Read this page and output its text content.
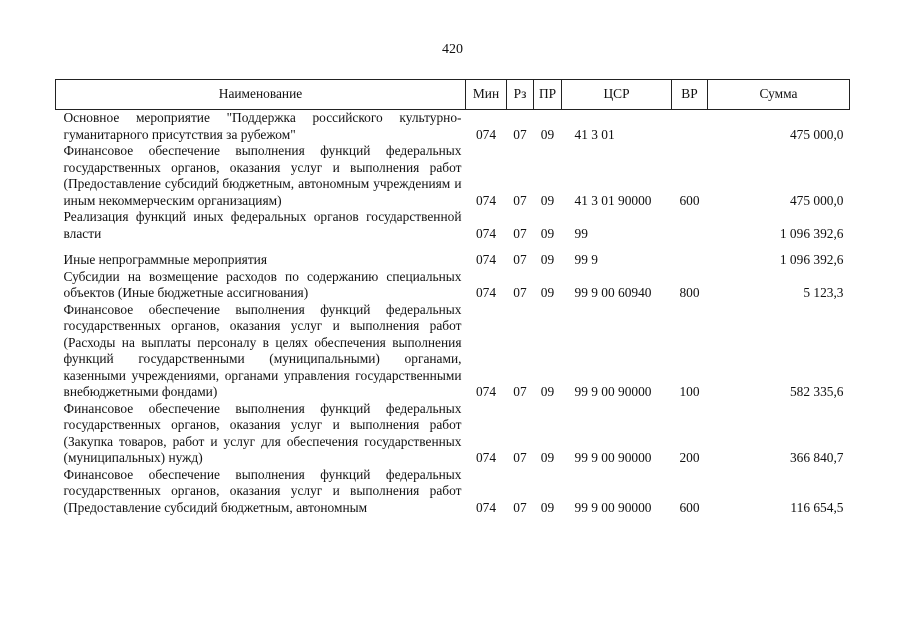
420
Наименование	Мин	Рз	ПР	ЦСР	ВР	Сумма
Основное мероприятие "Поддержка российского культурно-гуманитарного присутствия за рубежом"	074	07	09	41 3 01		475 000,0
Финансовое обеспечение выполнения функций федеральных государственных органов, оказания услуг и выполнения работ (Предоставление субсидий бюджетным, автономным учреждениям и иным некоммерческим организациям)	074	07	09	41 3 01 90000	600	475 000,0
Реализация функций иных федеральных органов государственной власти	074	07	09	99		1 096 392,6
Иные непрограммные мероприятия	074	07	09	99 9		1 096 392,6
Субсидии на возмещение расходов по содержанию специальных объектов (Иные бюджетные ассигнования)	074	07	09	99 9 00 60940	800	5 123,3
Финансовое обеспечение выполнения функций федеральных государственных органов, оказания услуг и выполнения работ (Расходы на выплаты персоналу в целях обеспечения выполнения функций государственными (муниципальными) органами, казенными учреждениями, органами управления государственными внебюджетными фондами)	074	07	09	99 9 00 90000	100	582 335,6
Финансовое обеспечение выполнения функций федеральных государственных органов, оказания услуг и выполнения работ (Закупка товаров, работ и услуг для обеспечения государственных (муниципальных) нужд)	074	07	09	99 9 00 90000	200	366 840,7
Финансовое обеспечение выполнения функций федеральных государственных органов, оказания услуг и выполнения работ (Предоставление субсидий бюджетным, автономным	074	07	09	99 9 00 90000	600	116 654,5
